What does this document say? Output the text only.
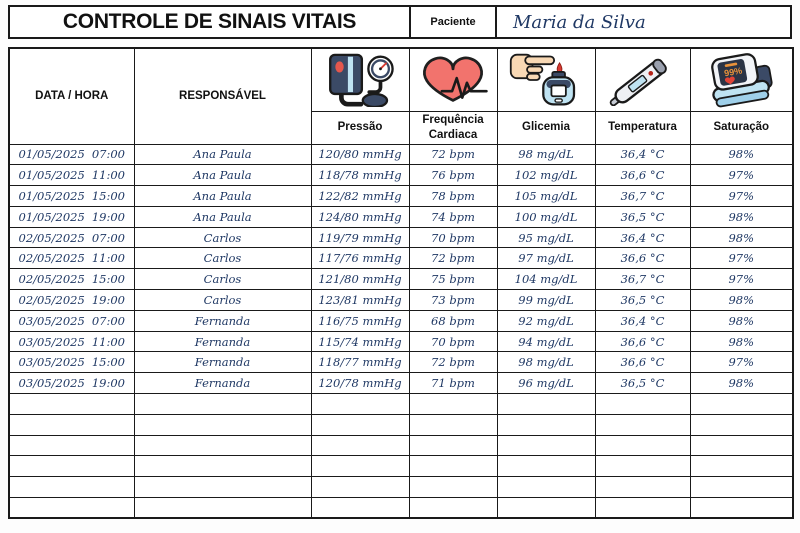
CONTROLE DE SINAIS VITAIS	Paciente	Maria da Silva
DATA / HORA	RESPONSÁVEL					99%

		Pressão	Frequência Cardiaca	Glicemia	Temperatura	Saturação
01/05/2025 07:00	Ana Paula	120/80 mmHg	72 bpm	98 mg/dL	36,4 °C	98%
01/05/2025 11:00	Ana Paula	118/78 mmHg	76 bpm	102 mg/dL	36,6 °C	97%
01/05/2025 15:00	Ana Paula	122/82 mmHg	78 bpm	105 mg/dL	36,7 °C	97%
01/05/2025 19:00	Ana Paula	124/80 mmHg	74 bpm	100 mg/dL	36,5 °C	98%
02/05/2025 07:00	Carlos	119/79 mmHg	70 bpm	95 mg/dL	36,4 °C	98%
02/05/2025 11:00	Carlos	117/76 mmHg	72 bpm	97 mg/dL	36,6 °C	97%
02/05/2025 15:00	Carlos	121/80 mmHg	75 bpm	104 mg/dL	36,7 °C	97%
02/05/2025 19:00	Carlos	123/81 mmHg	73 bpm	99 mg/dL	36,5 °C	98%
03/05/2025 07:00	Fernanda	116/75 mmHg	68 bpm	92 mg/dL	36,4 °C	98%
03/05/2025 11:00	Fernanda	115/74 mmHg	70 bpm	94 mg/dL	36,6 °C	98%
03/05/2025 15:00	Fernanda	118/77 mmHg	72 bpm	98 mg/dL	36,6 °C	97%
03/05/2025 19:00	Fernanda	120/78 mmHg	71 bpm	96 mg/dL	36,5 °C	98%
